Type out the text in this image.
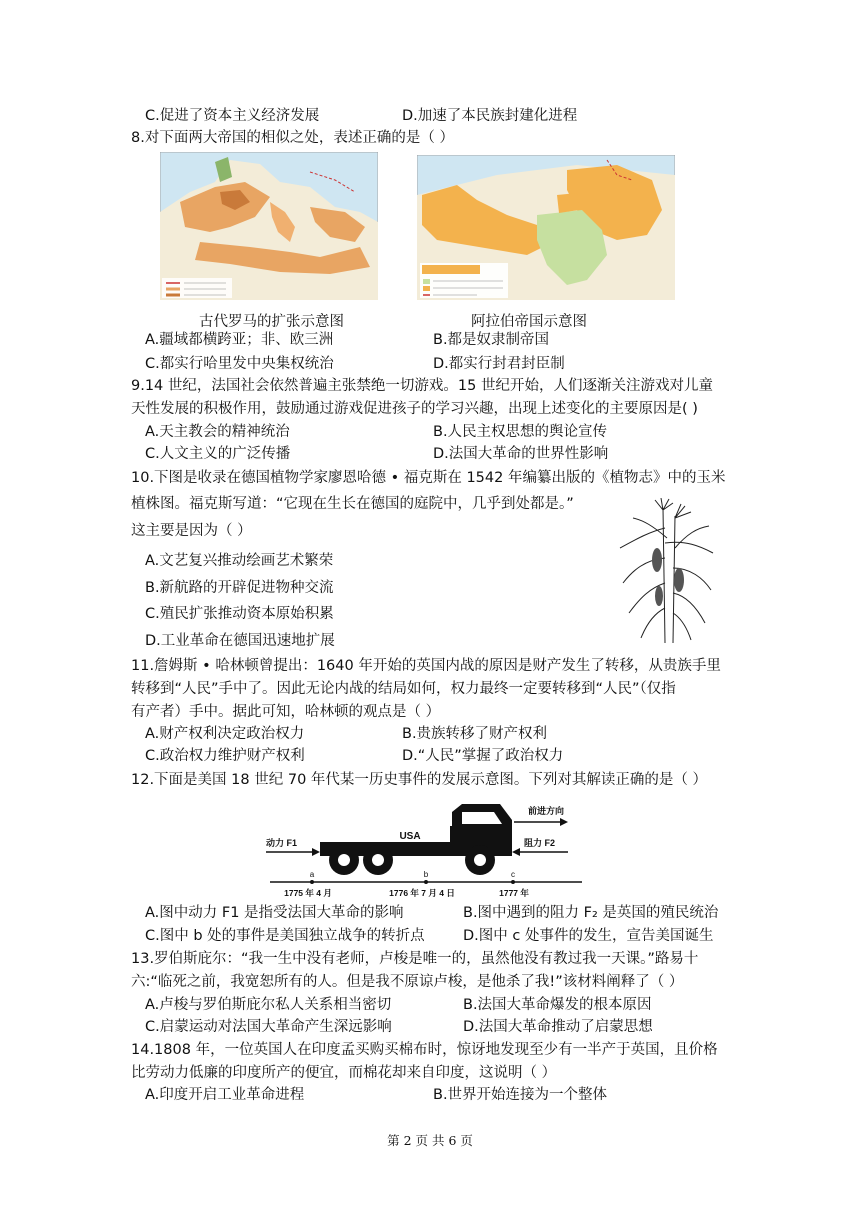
C.促进了资本主义经济发展	D.加速了本民族封建化进程
8.对下面两大帝国的相似之处，表述正确的是（ ）
古代罗马的扩张示意图	阿拉伯帝国示意图
A.疆域都横跨亚；非、欧三洲	B.都是奴隶制帝国
C.都实行哈里发中央集权统治	D.都实行封君封臣制
9.14 世纪，法国社会依然普遍主张禁绝一切游戏。15 世纪开始，人们逐渐关注游戏对儿童
天性发展的积极作用，鼓励通过游戏促进孩子的学习兴趣，出现上述变化的主要原因是( )
A.天主教会的精神统治	B.人民主权思想的舆论宣传
C.人文主义的广泛传播	D.法国大革命的世界性影响
10.下图是收录在德国植物学家廖恩哈德 • 福克斯在 1542 年编纂出版的《植物志》中的玉米
植株图。福克斯写道：“它现在生长在德国的庭院中，几乎到处都是。”
这主要是因为（ ）
A.文艺复兴推动绘画艺术繁荣
B.新航路的开辟促进物种交流
C.殖民扩张推动资本原始积累
D.工业革命在德国迅速地扩展
11.詹姆斯 • 哈林顿曾提出：1640 年开始的英国内战的原因是财产发生了转移，从贵族手里
转移到“人民”手中了。因此无论内战的结局如何，权力最终一定要转移到“人民”（仅指
有产者）手中。据此可知，哈林顿的观点是（ ）
A.财产权利决定政治权力	B.贵族转移了财产权利
C.政治权力维护财产权利	D.“人民”掌握了政治权力
12.下面是美国 18 世纪 70 年代某一历史事件的发展示意图。下列对其解读正确的是（ ）
USA
前进方向
动力 F1	阻力 F2
a	b	c
1775 年 4 月	1776 年 7 月 4 日	1777 年
A.图中动力 F1 是指受法国大革命的影响	B.图中遇到的阻力 F₂ 是英国的殖民统治
C.图中 b 处的事件是美国独立战争的转折点	D.图中 c 处事件的发生，宣告美国诞生
13.罗伯斯庇尔：“我一生中没有老师，卢梭是唯一的，虽然他没有教过我一天课。”路易十
六:“临死之前，我宽恕所有的人。但是我不原谅卢梭，是他杀了我!”该材料阐释了（ ）
A.卢梭与罗伯斯庇尔私人关系相当密切	B.法国大革命爆发的根本原因
C.启蒙运动对法国大革命产生深远影响	D.法国大革命推动了启蒙思想
14.1808 年，一位英国人在印度孟买购买棉布时，惊讶地发现至少有一半产于英国，且价格
比劳动力低廉的印度所产的便宜，而棉花却来自印度，这说明（ ）
A.印度开启工业革命进程	B.世界开始连接为一个整体
第 2 页 共 6 页
